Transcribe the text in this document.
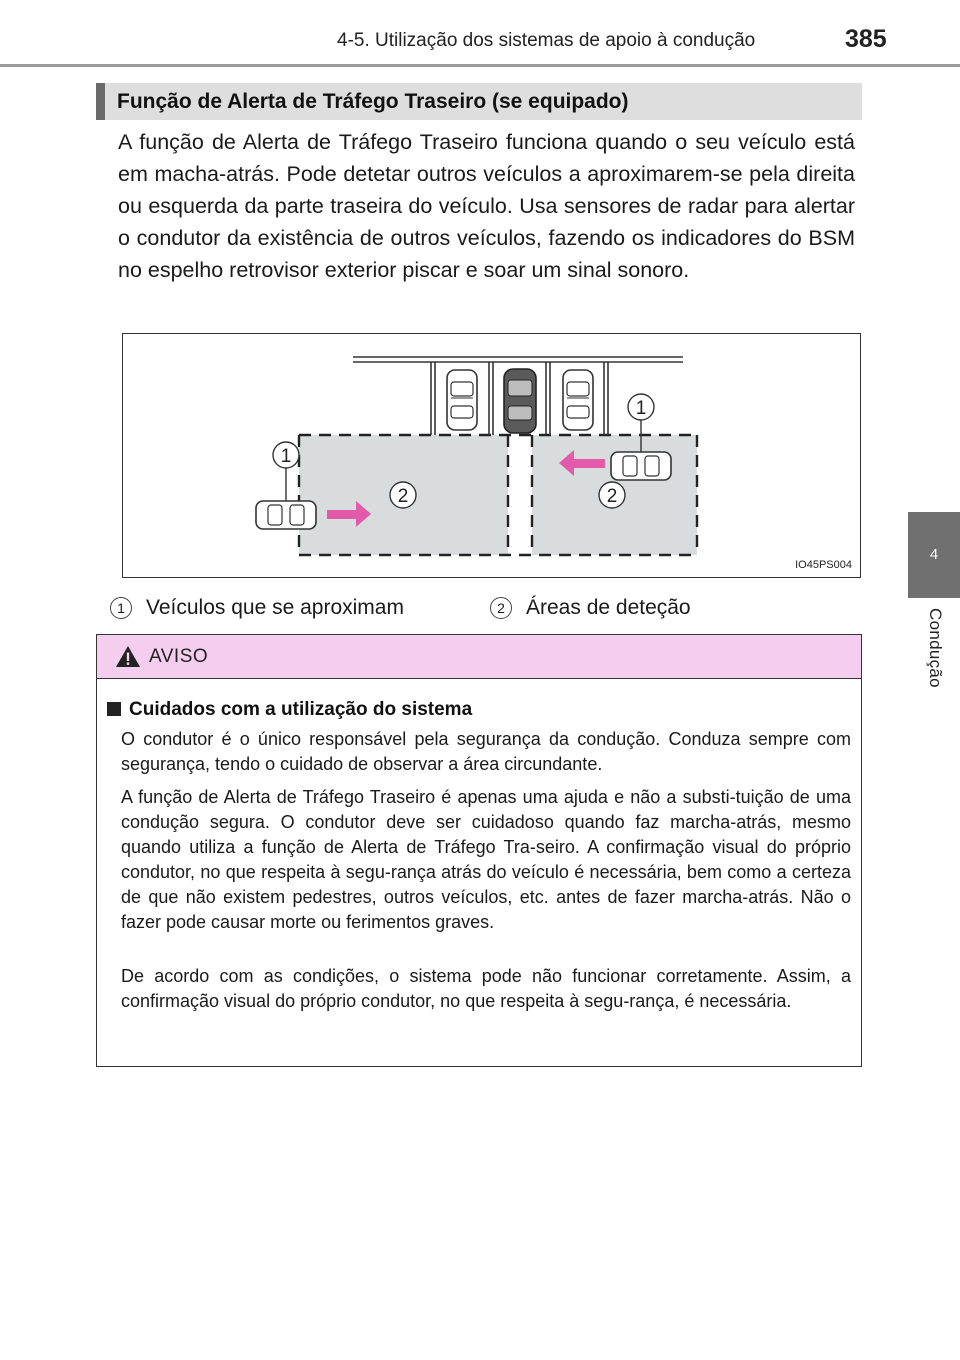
4-5. Utilização dos sistemas de apoio à condução	385
4
Condução
Função de Alerta de Tráfego Traseiro (se equipado)
A função de Alerta de Tráfego Traseiro funciona quando o seu veículo está em macha-atrás. Pode detetar outros veículos a aproximarem-se pela direita ou esquerda da parte traseira do veículo. Usa sensores de radar para alertar o condutor da existência de outros veículos, fazendo os indicadores do BSM no espelho retrovisor exterior piscar e soar um sinal sonoro.
1
1
2	2
IO45PS004
1	Veículos que se aproximam	2	Áreas de deteção
AVISO
Cuidados com a utilização do sistema
O condutor é o único responsável pela segurança da condução. Conduza sempre com segurança, tendo o cuidado de observar a área circundante.
A função de Alerta de Tráfego Traseiro é apenas uma ajuda e não a substi-tuição de uma condução segura. O condutor deve ser cuidadoso quando faz marcha-atrás, mesmo quando utiliza a função de Alerta de Tráfego Tra-seiro. A confirmação visual do próprio condutor, no que respeita à segu-rança atrás do veículo é necessária, bem como a certeza de que não existem pedestres, outros veículos, etc. antes de fazer marcha-atrás. Não o fazer pode causar morte ou ferimentos graves.
De acordo com as condições, o sistema pode não funcionar corretamente. Assim, a confirmação visual do próprio condutor, no que respeita à segu-rança, é necessária.
